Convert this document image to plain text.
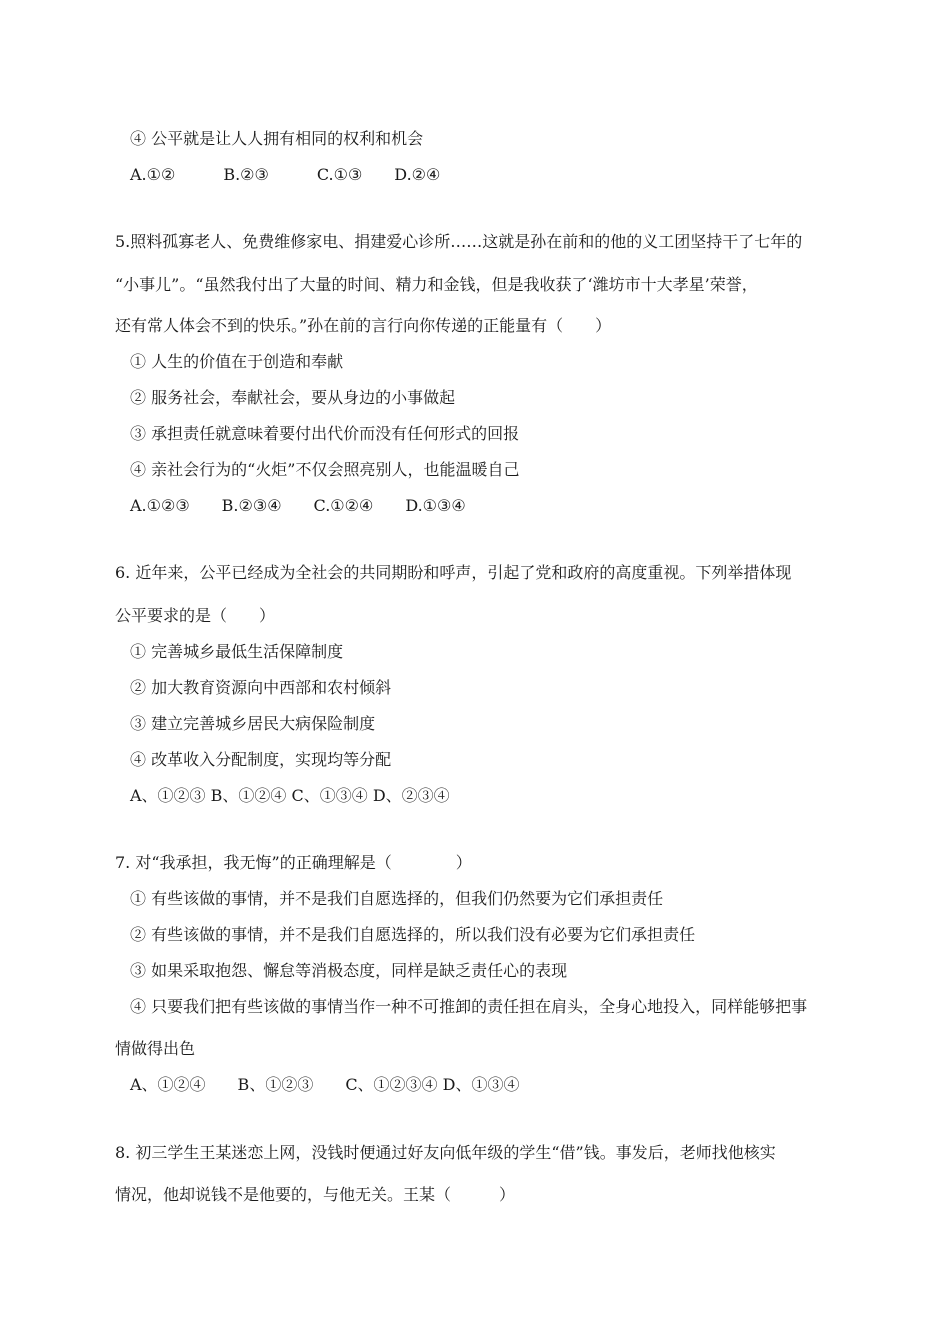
④ 公平就是让人人拥有相同的权利和机会
A.①②　　　B.②③　　　C.①③　　D.②④
5.照料孤寡老人、免费维修家电、捐建爱心诊所……这就是孙在前和的他的义工团坚持干了七年的
“小事儿”。“虽然我付出了大量的时间、精力和金钱，但是我收获了‘潍坊市十大孝星’荣誉，
还有常人体会不到的快乐。”孙在前的言行向你传递的正能量有（　　）
① 人生的价值在于创造和奉献
② 服务社会，奉献社会，要从身边的小事做起
③ 承担责任就意味着要付出代价而没有任何形式的回报
④ 亲社会行为的“火炬”不仅会照亮别人，也能温暖自己
A.①②③　　B.②③④　　C.①②④　　D.①③④
6. 近年来，公平已经成为全社会的共同期盼和呼声，引起了党和政府的高度重视。下列举措体现
公平要求的是（　　）
① 完善城乡最低生活保障制度
② 加大教育资源向中西部和农村倾斜
③ 建立完善城乡居民大病保险制度
④ 改革收入分配制度，实现均等分配
A、①②③ B、①②④ C、①③④ D、②③④
7. 对“我承担，我无悔”的正确理解是（　　　　）
① 有些该做的事情，并不是我们自愿选择的，但我们仍然要为它们承担责任
② 有些该做的事情，并不是我们自愿选择的，所以我们没有必要为它们承担责任
③ 如果采取抱怨、懈怠等消极态度，同样是缺乏责任心的表现
④ 只要我们把有些该做的事情当作一种不可推卸的责任担在肩头，全身心地投入，同样能够把事
情做得出色
A、①②④　　B、①②③　　C、①②③④ D、①③④
8. 初三学生王某迷恋上网，没钱时便通过好友向低年级的学生“借”钱。事发后，老师找他核实
情况，他却说钱不是他要的，与他无关。王某（　　　）
